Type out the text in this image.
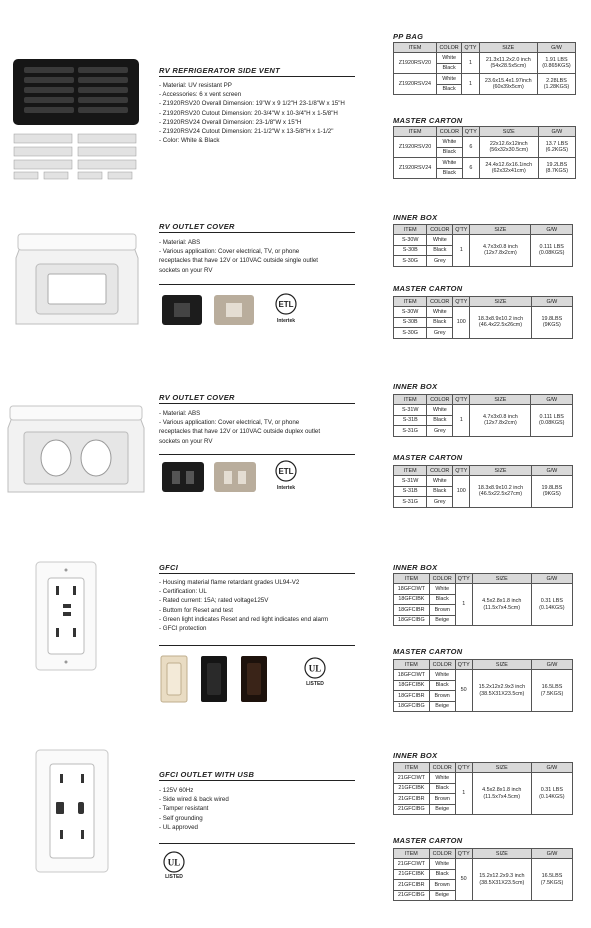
RV REFRIGERATOR SIDE VENT
- Material: UV resistant PP
- Accessories: 6 x vent screen
- Z1920RSV20 Overall Dimension: 19"W x 9 1/2"H 23-1/8"W x 15"H
- Z1920RSV20 Cutout Dimension: 20-3/4"W x 10-3/4"H x 1-5/8"H
- Z1920RSV24 Overall Dimension: 23-1/8"W x 15"H
- Z1920RSV24 Cutout Dimension: 21-1/2"W x 13-5/8"H x 1-1/2"
- Color: White & Black
PP BAG
ITEM	COLOR	Q'TY	SIZE	G/W
Z1920RSV20	White	1	21.3x11.2x2.0 inch
(54x28.5x5cm)	1.91 LBS
(0.865KGS)
	Black			
Z1920RSV24	White	1	23.6x15.4x1.97inch
(60x39x5cm)	2.28LBS
(1.28KGS)
	Black			
MASTER CARTON
ITEM	COLOR	Q'TY	SIZE	G/W
Z1920RSV20	White	6	22x12.6x12inch
(56x32x30.5cm)	13.7 LBS
(6.2KGS)
	Black			
Z1920RSV24	White	6	24.4x12.6x16.1inch
(62x32x41cm)	19.2LBS
(8.7KGS)
	Black			
RV OUTLET COVER
- Material: ABS
- Various application: Cover electrical, TV, or phone
receptacles that have 12V or 110VAC outside single outlet
sockets on your RV
ETL
Intertek
INNER BOX
ITEM	COLOR	Q'TY	SIZE	G/W
S-30W	White	1	4.7x3x0.8 inch
(12x7.8x2cm)	0.111 LBS
(0.08KGS)
S-30B	Black			
S-30G	Grey			
MASTER CARTON
ITEM	COLOR	Q'TY	SIZE	G/W
S-30W	White	100	18.3x8.9x10.2 inch
(46.4x22.5x26cm)	19.8LBS
(9KGS)
S-30B	Black			
S-30G	Grey			
RV OUTLET COVER
- Material: ABS
- Various application: Cover electrical, TV, or phone
receptacles that have 12V or 110VAC outside duplex outlet
sockets on your RV
ETL
Intertek
INNER BOX
ITEM	COLOR	Q'TY	SIZE	G/W
S-31W	White	1	4.7x3x0.8 inch
(12x7.8x2cm)	0.111 LBS
(0.08KGS)
S-31B	Black			
S-31G	Grey			
MASTER CARTON
ITEM	COLOR	Q'TY	SIZE	G/W
S-31W	White	100	18.3x8.9x10.2 inch
(46.5x22.5x27cm)	19.8LBS
(9KGS)
S-31B	Black			
S-31G	Grey			
GFCI
- Housing material flame retardant grades UL94-V2
- Certification: UL
- Rated current: 15A; rated voltage125V
- Buttom for Reset and test
- Green light indicates Reset and red light indicates end alarm
- GFCI protection
UL
LISTED
INNER BOX
ITEM	COLOR	Q'TY	SIZE	G/W
18GFCIWT	White	1	4.5x2.8x1.8 inch
(11.5x7x4.5cm)	0.31 LBS
(0.14KGS)
18GFCIBK	Black			
18GFCIBR	Brown			
18GFCIBG	Beige			
MASTER CARTON
ITEM	COLOR	Q'TY	SIZE	G/W
18GFCIWT	White	50	15.2x12x2.9x3 inch
(38.5X31X23.5cm)	16.5LBS
(7.5KGS)
18GFCIBK	Black			
18GFCIBR	Brown			
18GFCIBG	Beige			
GFCI OUTLET WITH USB
- 125V 60Hz
- Side wired & back wired
- Tamper resistant
- Self grounding
- UL approved
UL
LISTED
INNER BOX
ITEM	COLOR	Q'TY	SIZE	G/W
21GFCIWT	White	1	4.5x2.8x1.8 inch
(11.5x7x4.5cm)	0.31 LBS
(0.14KGS)
21GFCIBK	Black			
21GFCIBR	Brown			
21GFCIBG	Beige			
MASTER CARTON
ITEM	COLOR	Q'TY	SIZE	G/W
21GFCIWT	White	50	15.2x12.2x9.3 inch
(38.5X31X23.5cm)	16.5LBS
(7.5KGS)
21GFCIBK	Black			
21GFCIBR	Brown			
21GFCIBG	Beige			
